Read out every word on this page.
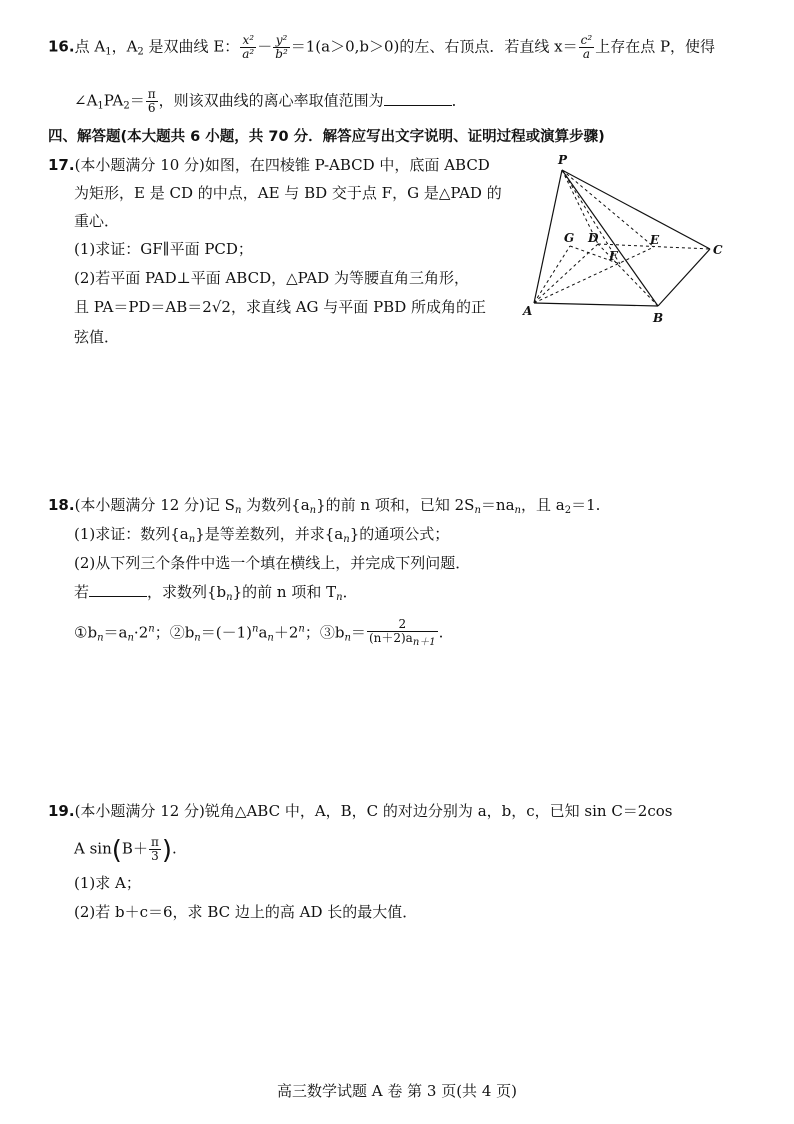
16.点 $A_1$，$A_2$ 是双曲线 E： $\frac{\text{x²}}{\text{a²}} - \frac{\text{y²}}{\text{b²}} =1(a>0,b>0)$的左、右顶点．若直线 $x= \frac{\text{c²}}{a}$ 上存在点 P，使得
$\angle A_1PA_2= \frac{\pi}{6}$ ，则该双曲线的离心率取值范围为	．
四、解答题(本大题共 6 小题，共 70 分．解答应写出文字说明、证明过程或演算步骤)
17.(本小题满分 10 分)如图，在四棱锥 P-ABCD 中，底面 ABCD
为矩形，E 是 CD 的中点，AE 与 BD 交于点 F，G 是△PAD 的
重心．
(1)求证：GF∥平面 PCD；
(2)若平面 PAD⊥平面 ABCD，△PAD 为等腰直角三角形，
且 PA＝PD＝AB＝2√2，求直线 AG 与平面 PBD 所成角的正
弦值．
P
A	B
C
D	E
F
G
18.(本小题满分 12 分)记 $S_n$ 为数列$\{a_n\}$的前 n 项和，已知 $2S_n=na_n$，且 $a_2=1$.
(1)求证：数列$\{a_n\}$是等差数列，并求$\{a_n\}$的通项公式；
(2)从下列三个条件中选一个填在横线上，并完成下列问题．
若	，求数列$\{b_n\}$的前 n 项和 $T_n$．
$①b_n=a_n\cdot 2^n$；$②b_n=(-1)^na_n+2^n$；$③b_n= \frac{2}{(n+2)a_{n+1}}$ .
19.(本小题满分 12 分)锐角△ABC 中，A，B，C 的对边分别为 a，b，c，已知 sin C＝2cos
A $\sin(B+ \frac{\pi}{3}$ ).
(1)求 A；
(2)若 b＋c＝6，求 BC 边上的高 AD 长的最大值．
高三数学试题 A 卷 第 3 页(共 4 页)
